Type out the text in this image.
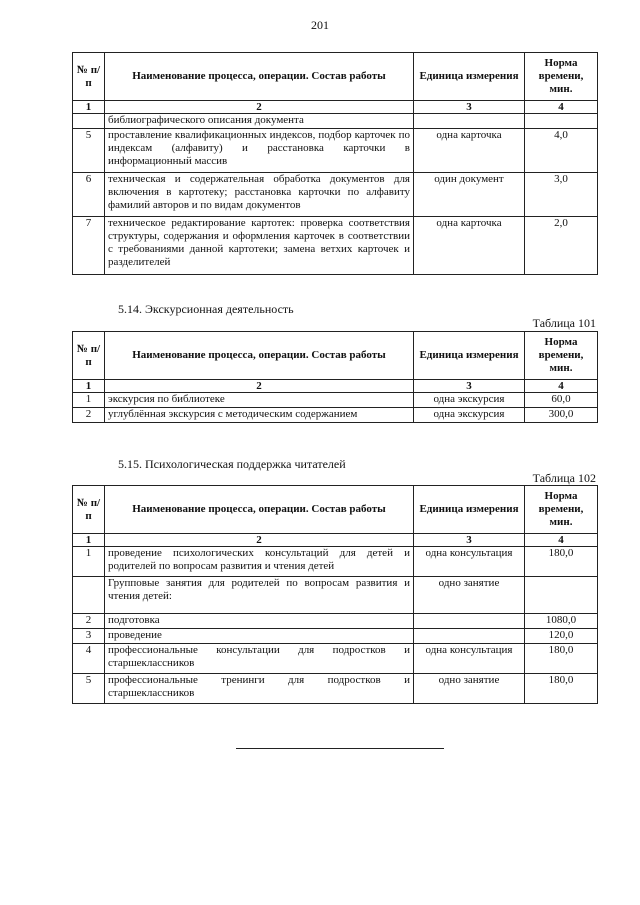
201
№ п/п	Наименование процесса, операции. Состав работы	Единица измерения	Норма времени, мин.
1	2	3	4
	библиографического описания документа		
5	проставление квалификационных индексов, подбор карточек по индексам (алфавиту) и расстановка карточки в информационный массив	одна карточка	4,0
6	техническая и содержательная обработка документов для включения в картотеку; расстановка карточки по алфавиту фамилий авторов и по видам документов	один документ	3,0
7	техническое редактирование картотек: проверка соответствия структуры, содержания и оформления карточек в соответствии с требованиями данной картотеки; замена ветхих карточек и разделителей	одна карточка	2,0
5.14. Экскурсионная деятельность
Таблица 101
№ п/п	Наименование процесса, операции. Состав работы	Единица измерения	Норма времени, мин.
1	2	3	4
1	экскурсия по библиотеке	одна экскурсия	60,0
2	углублённая экскурсия с методическим содержанием	одна экскурсия	300,0
5.15. Психологическая поддержка читателей
Таблица 102
№ п/п	Наименование процесса, операции. Состав работы	Единица измерения	Норма времени, мин.
1	2	3	4
1	проведение психологических консультаций для детей и родителей по вопросам развития и чтения детей	одна консультация	180,0
	Групповые занятия для родителей по вопросам развития и чтения детей:	одно занятие	
2	подготовка		1080,0
3	проведение		120,0
4	профессиональные консультации для подростков и старшеклассников	одна консультация	180,0
5	профессиональные тренинги для подростков и старшеклассников	одно занятие	180,0
